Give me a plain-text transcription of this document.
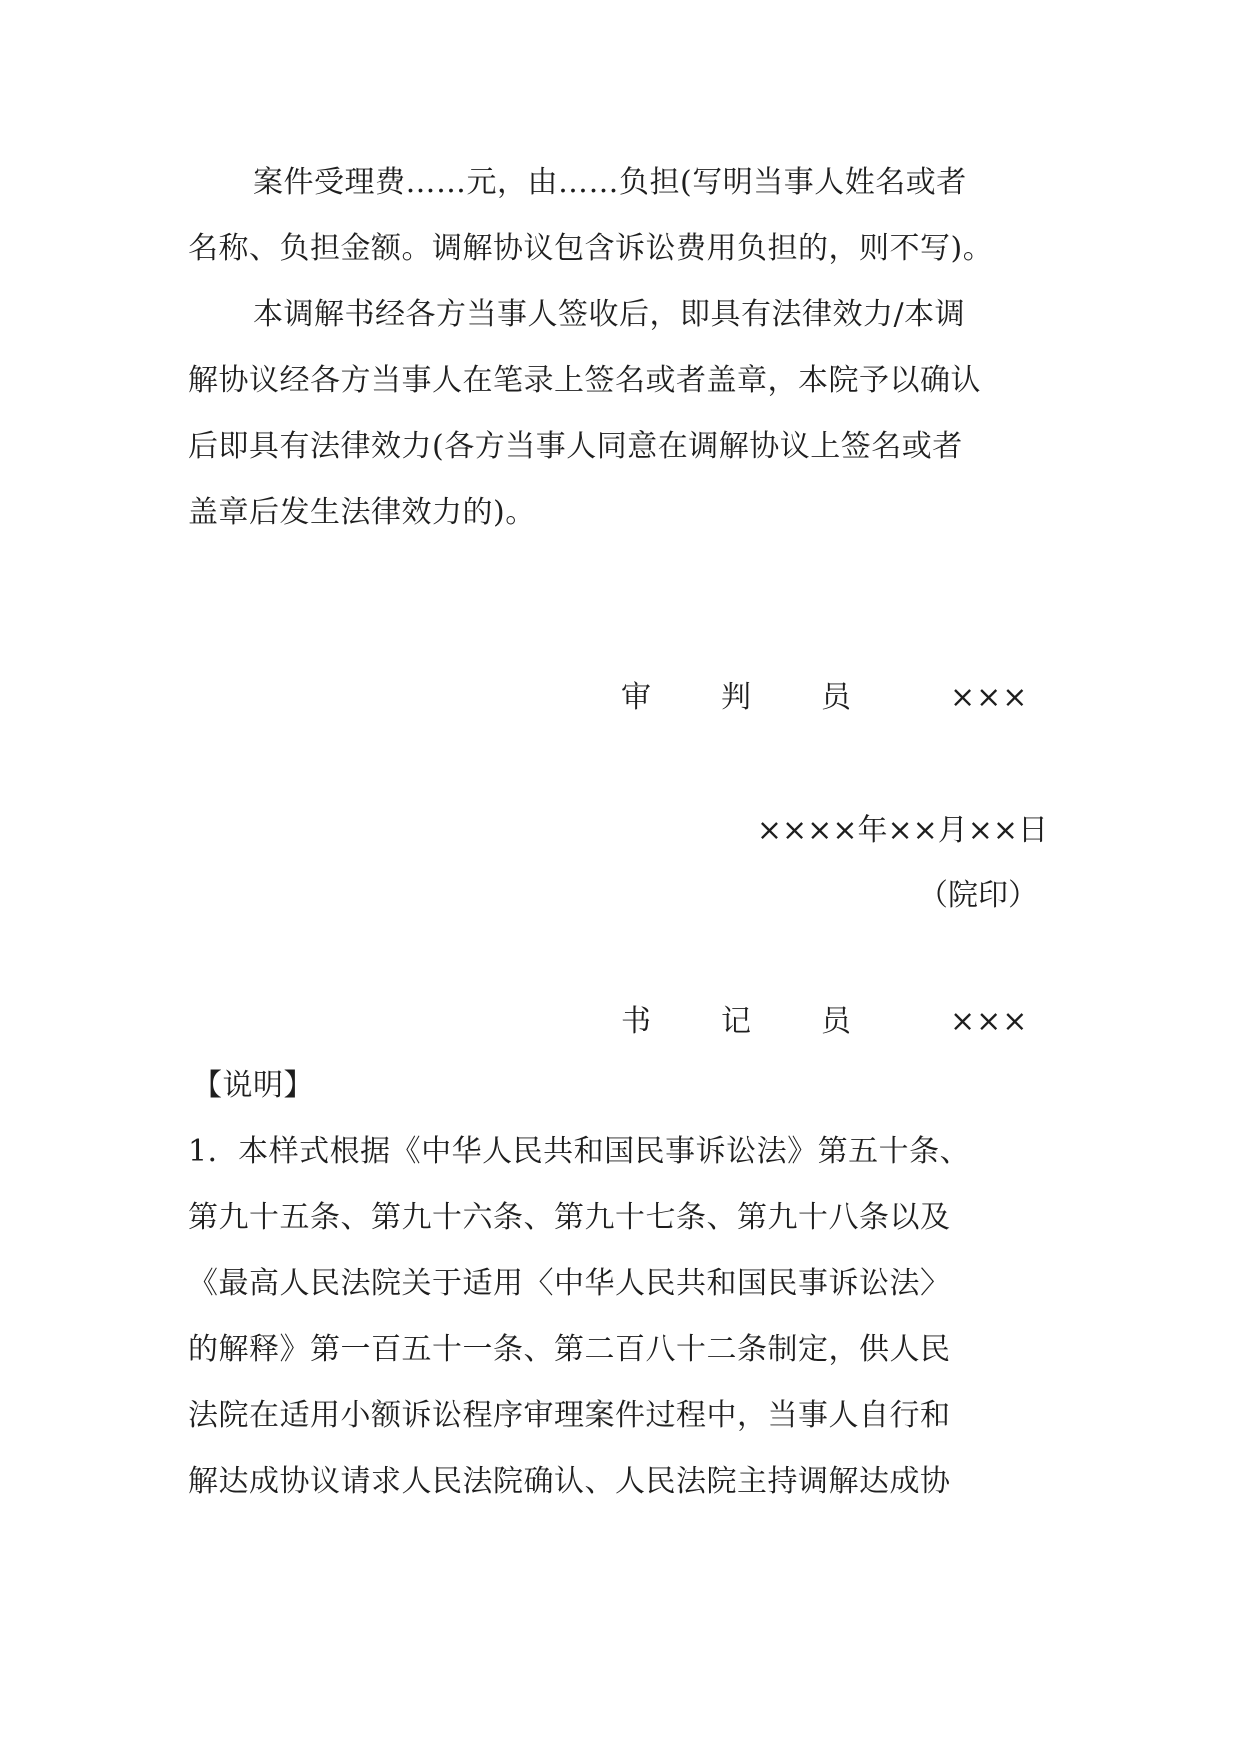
案件受理费……元，由……负担(写明当事人姓名或者
名称、负担金额。调解协议包含诉讼费用负担的，则不写)。
本调解书经各方当事人签收后，即具有法律效力/本调
解协议经各方当事人在笔录上签名或者盖章，本院予以确认
后即具有法律效力(各方当事人同意在调解协议上签名或者
盖章后发生法律效力的)。
审 判 员	×××
××××年××月××日
（院印）
书 记 员	×××
【说明】
1．本样式根据《中华人民共和国民事诉讼法》第五十条、
第九十五条、第九十六条、第九十七条、第九十八条以及
《最高人民法院关于适用〈中华人民共和国民事诉讼法〉
的解释》第一百五十一条、第二百八十二条制定，供人民
法院在适用小额诉讼程序审理案件过程中，当事人自行和
解达成协议请求人民法院确认、人民法院主持调解达成协
